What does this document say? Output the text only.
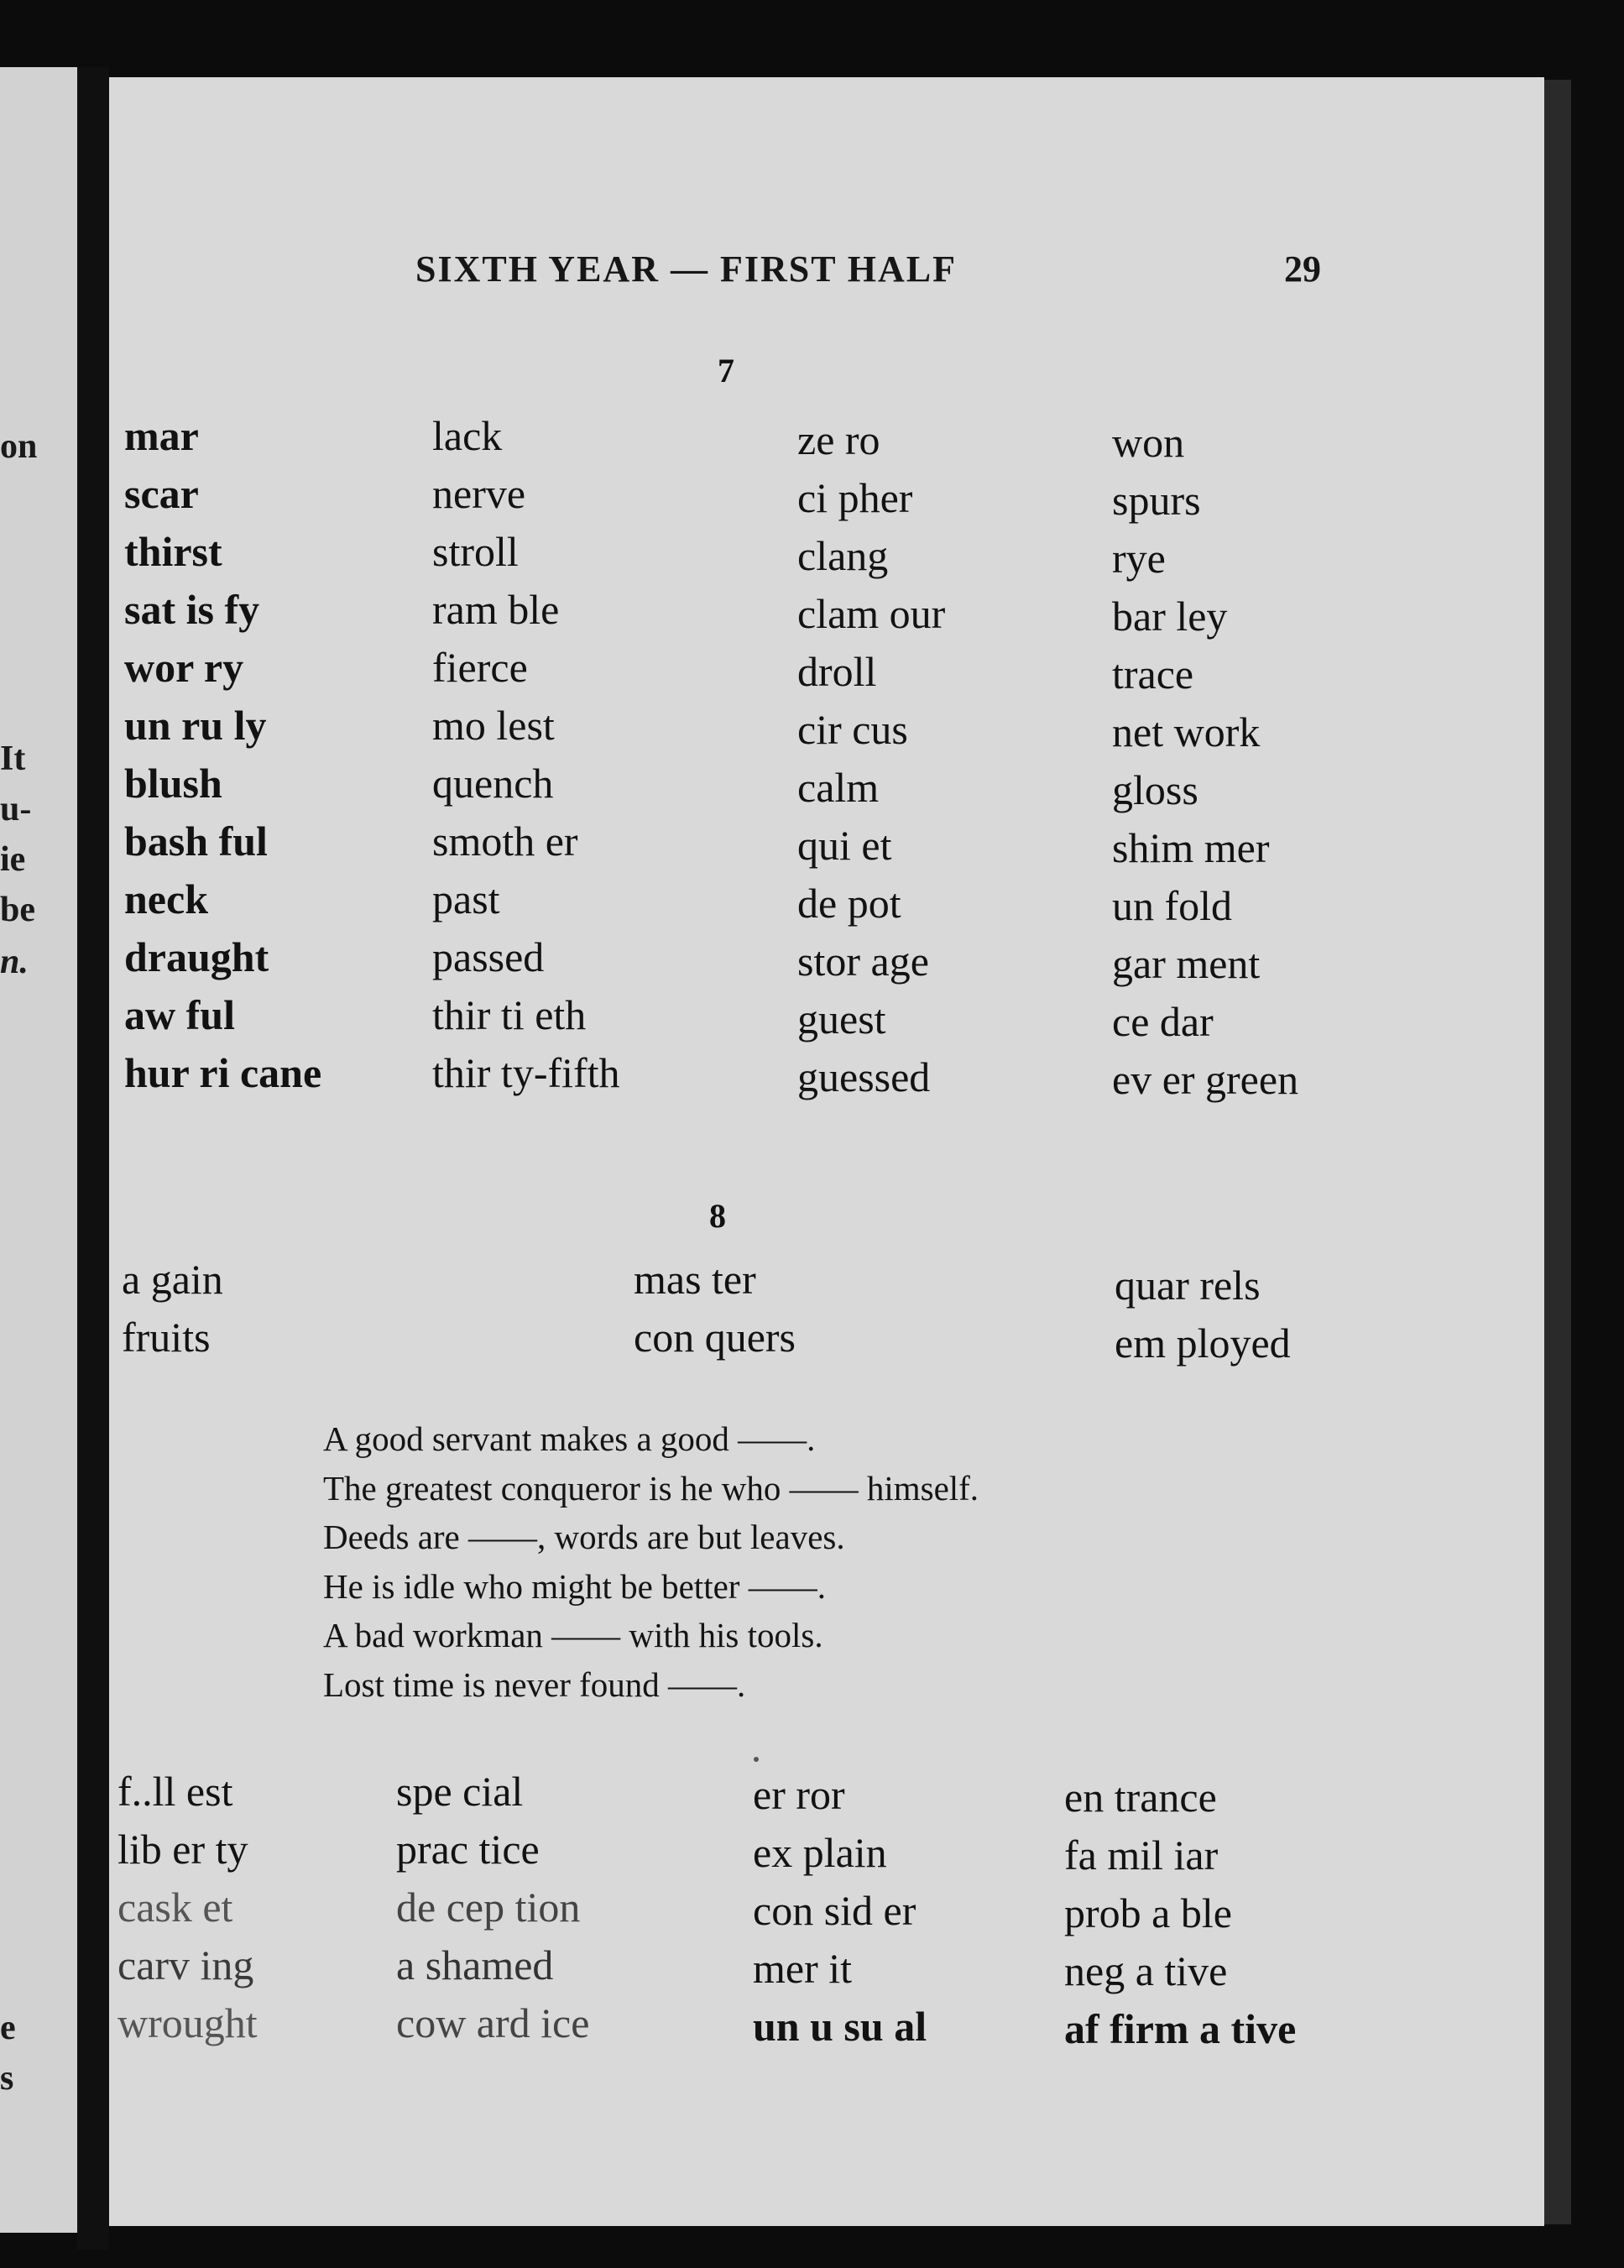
on
It
u-
ie
be
n.
e
s
SIXTH YEAR — FIRST HALF	29
7
mar
scar
thirst
sat is fy
wor ry
un ru ly
blush
bash ful
neck
draught
aw ful
hur ri cane
lack
nerve
stroll
ram ble
fierce
mo lest
quench
smoth er
past
passed
thir ti eth
thir ty-fifth
ze ro
ci pher
clang
clam our
droll
cir cus
calm
qui et
de pot
stor age
guest
guessed
won
spurs
rye
bar ley
trace
net work
gloss
shim mer
un fold
gar ment
ce dar
ev er green
8
a gain
fruits
mas ter
con quers
quar rels
em ployed
A good servant makes a good ——.
The greatest conqueror is he who —— himself.
Deeds are ——, words are but leaves.
He is idle who might be better ——.
A bad workman —— with his tools.
Lost time is never found ——.
f..ll est
lib er ty
cask et
carv ing
wrought
spe cial
prac tice
de cep tion
a shamed
cow ard ice
er ror
ex plain
con sid er
mer it
un u su al
en trance
fa mil iar
prob a ble
neg a tive
af firm a tive
